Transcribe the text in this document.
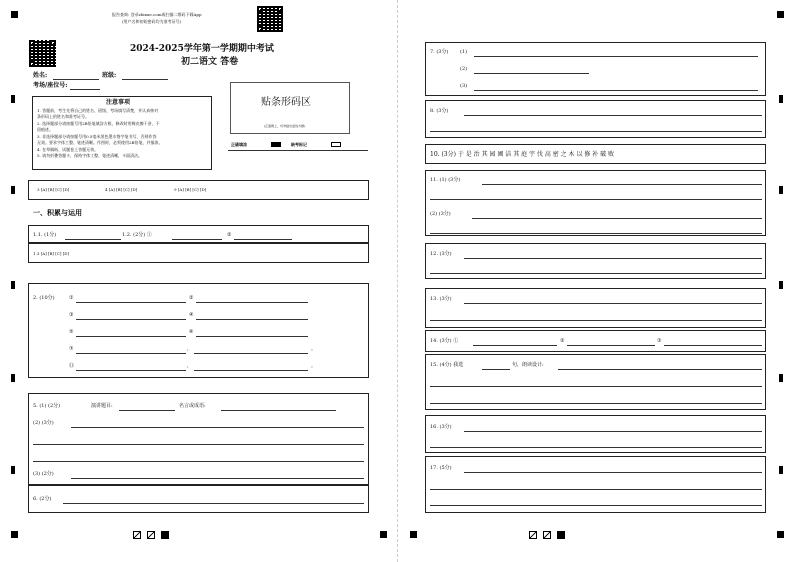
报告查询: 登录zhixue.com或扫描二维码下载App
(用户名和初始密码均为准考证号)
2024-2025学年第一学期期中考试
初二语文 答卷
姓名:	班级:
考场/座位号:
注意事项
1. 答题前，考生先将自己的姓名、班级、考场填写清楚，并认真核对
条形码上的姓名和准考证号。
2. 选择题部分请按题号用2B铅笔填涂方框，修改时用橡皮擦干净，不
留痕迹。
3. 非选择题部分请按题号用0.5毫米黑色墨水签字笔书写，否则作答
无效。要求字体工整、笔迹清晰。作图时，必须使用2B铅笔，并描浓。
4. 在草稿纸、试题卷上答题无效。
5. 请勿折叠答题卡，保持字体工整、笔迹清晰，卡面清洁。
贴条形码区
(正面朝上，切勿贴出虚线方框)
正确填涂	缺考标记
3 [A] [B] [C] [D]	4 [A] [B] [C] [D]	9 [A] [B] [C] [D]
一、积累与运用
1.1. (1分)	1.2. (2分) ①	②
1.3 [A] [B] [C] [D]
2. (10分)	①	②
③	④
⑤	⑥
⑦	，	。
⑪	，	。
5. (1) (2分)	演讲题目:	名言或成语:
(2) (3分)
(3) (2分)
6. (2分)
7. (3分) (1)
(2)
(3)
8. (3分)
10. (3分) 于 是 治 其 园 圃 洁 其 庭 宇 伐 高 密 之 木 以 修 补 破 败
11. (1) (3分)
(2) (3分)
12. (3分)
13. (3分)
14. (3分) ①	②	③
15. (4分) 我选	句，朗读设计:
16. (3分)
17. (5分)
